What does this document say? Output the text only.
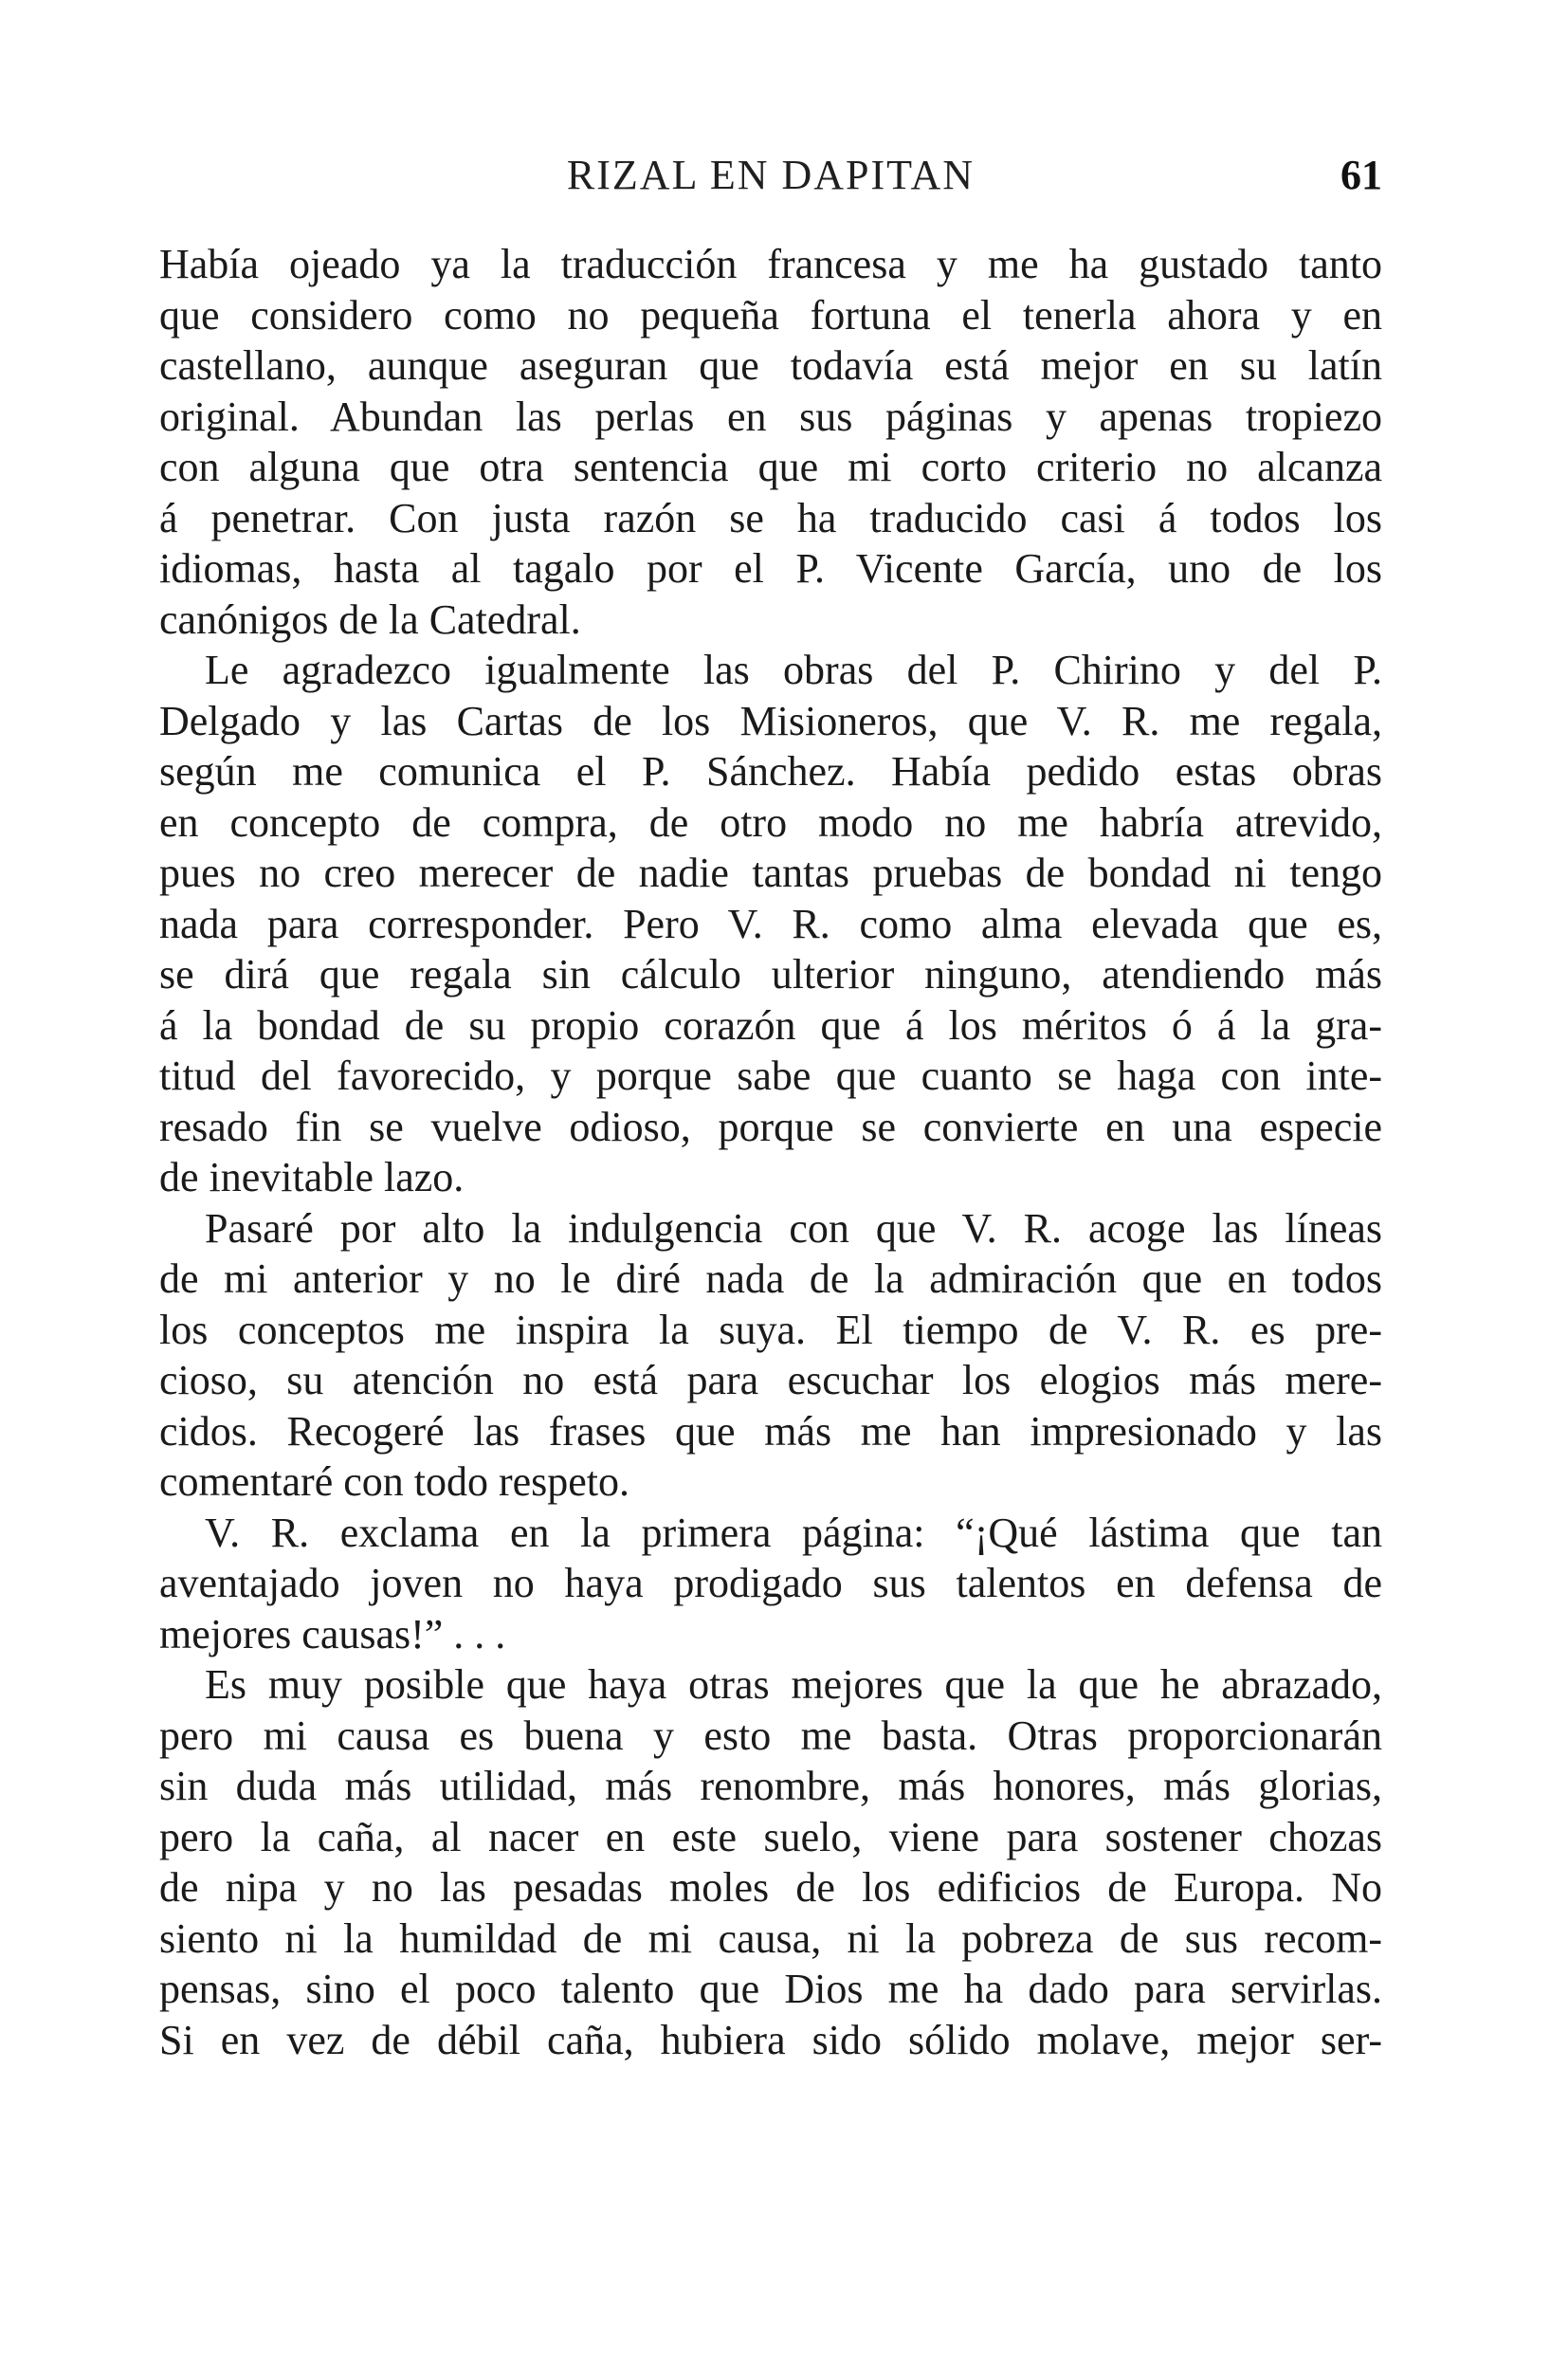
RIZAL EN DAPITAN	61
Había ojeado ya la traducción francesa y me ha gustado tanto
que considero como no pequeña fortuna el tenerla ahora y en
castellano, aunque aseguran que todavía está mejor en su latín
original. Abundan las perlas en sus páginas y apenas tropiezo
con alguna que otra sentencia que mi corto criterio no alcanza
á penetrar. Con justa razón se ha traducido casi á todos los
idiomas, hasta al tagalo por el P. Vicente García, uno de los
canónigos de la Catedral.
Le agradezco igualmente las obras del P. Chirino y del P.
Delgado y las Cartas de los Misioneros, que V. R. me regala,
según me comunica el P. Sánchez. Había pedido estas obras
en concepto de compra, de otro modo no me habría atrevido,
pues no creo merecer de nadie tantas pruebas de bondad ni tengo
nada para corresponder. Pero V. R. como alma elevada que es,
se dirá que regala sin cálculo ulterior ninguno, atendiendo más
á la bondad de su propio corazón que á los méritos ó á la gra-
titud del favorecido, y porque sabe que cuanto se haga con inte-
resado fin se vuelve odioso, porque se convierte en una especie
de inevitable lazo.
Pasaré por alto la indulgencia con que V. R. acoge las líneas
de mi anterior y no le diré nada de la admiración que en todos
los conceptos me inspira la suya. El tiempo de V. R. es pre-
cioso, su atención no está para escuchar los elogios más mere-
cidos. Recogeré las frases que más me han impresionado y las
comentaré con todo respeto.
V. R. exclama en la primera página: “¡Qué lástima que tan
aventajado joven no haya prodigado sus talentos en defensa de
mejores causas!” . . .
Es muy posible que haya otras mejores que la que he abrazado,
pero mi causa es buena y esto me basta. Otras proporcionarán
sin duda más utilidad, más renombre, más honores, más glorias,
pero la caña, al nacer en este suelo, viene para sostener chozas
de nipa y no las pesadas moles de los edificios de Europa. No
siento ni la humildad de mi causa, ni la pobreza de sus recom-
pensas, sino el poco talento que Dios me ha dado para servirlas.
Si en vez de débil caña, hubiera sido sólido molave, mejor ser-
